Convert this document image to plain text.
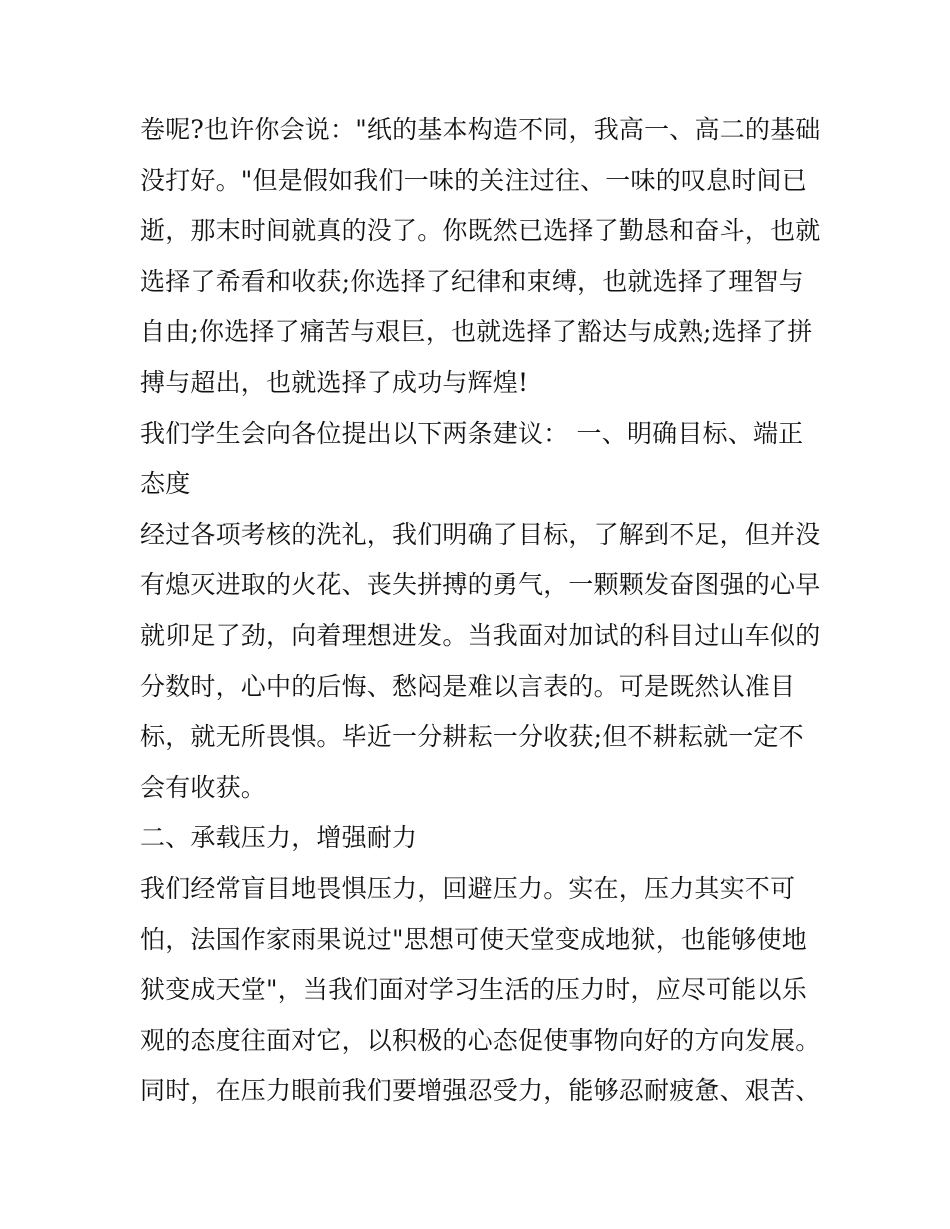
卷呢?也许你会说："纸的基本构造不同，我高一、高二的基础
没打好。"但是假如我们一味的关注过往、一味的叹息时间已
逝，那末时间就真的没了。你既然已选择了勤恳和奋斗，也就
选择了希看和收获;你选择了纪律和束缚，也就选择了理智与
自由;你选择了痛苦与艰巨，也就选择了豁达与成熟;选择了拼
搏与超出，也就选择了成功与辉煌!
我们学生会向各位提出以下两条建议： 一、明确目标、端正
态度
经过各项考核的洗礼，我们明确了目标，了解到不足，但并没
有熄灭进取的火花、丧失拼搏的勇气，一颗颗发奋图强的心早
就卯足了劲，向着理想进发。当我面对加试的科目过山车似的
分数时，心中的后悔、愁闷是难以言表的。可是既然认准目
标，就无所畏惧。毕近一分耕耘一分收获;但不耕耘就一定不
会有收获。
二、承载压力，增强耐力
我们经常盲目地畏惧压力，回避压力。实在，压力其实不可
怕，法国作家雨果说过"思想可使天堂变成地狱，也能够使地
狱变成天堂"，当我们面对学习生活的压力时，应尽可能以乐
观的态度往面对它，以积极的心态促使事物向好的方向发展。
同时，在压力眼前我们要增强忍受力，能够忍耐疲惫、艰苦、
